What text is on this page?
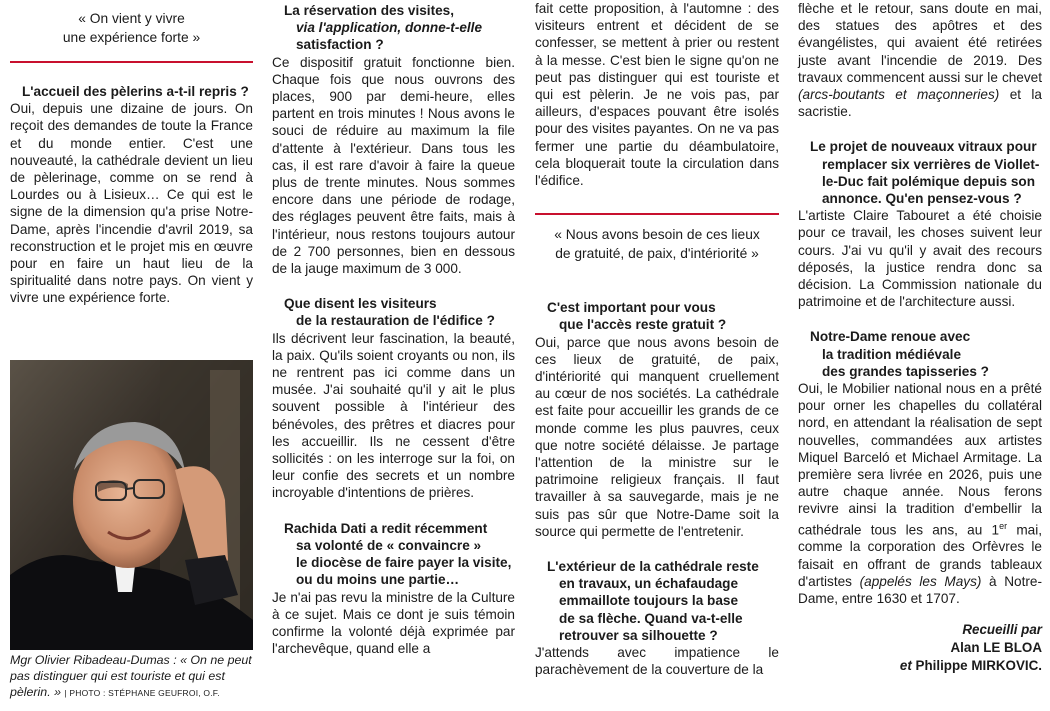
« On vient y vivre
une expérience forte »
L'accueil des pèlerins a-t-il repris ?
Oui, depuis une dizaine de jours. On reçoit des demandes de toute la France et du monde entier. C'est une nouveauté, la cathédrale devient un lieu de pèlerinage, comme on se rend à Lourdes ou à Lisieux… Ce qui est le signe de la dimension qu'a prise Notre-Dame, après l'incendie d'avril 2019, sa reconstruction et le projet mis en œuvre pour en faire un haut lieu de la spiritualité dans notre pays. On vient y vivre une expérience forte.
Mgr Olivier Ribadeau-Dumas : « On ne peut pas distinguer qui est touriste et qui est pèlerin. » | PHOTO : STÉPHANE GEUFROI, O.F.
La réservation des visites,
via l'application, donne-t-elle
satisfaction ?
Ce dispositif gratuit fonctionne bien. Chaque fois que nous ouvrons des places, 900 par demi-heure, elles partent en trois minutes ! Nous avons le souci de réduire au maximum la file d'attente à l'extérieur. Dans tous les cas, il est rare d'avoir à faire la queue plus de trente minutes. Nous sommes encore dans une période de rodage, des réglages peuvent être faits, mais à l'intérieur, nous restons toujours autour de 2 700 personnes, bien en dessous de la jauge maximum de 3 000.
Que disent les visiteurs
de la restauration de l'édifice ?
Ils décrivent leur fascination, la beauté, la paix. Qu'ils soient croyants ou non, ils ne rentrent pas ici comme dans un musée. J'ai souhaité qu'il y ait le plus souvent possible à l'intérieur des bénévoles, des prêtres et diacres pour les accueillir. Ils ne cessent d'être sollicités : on les interroge sur la foi, on leur confie des secrets et un nombre incroyable d'intentions de prières.
Rachida Dati a redit récemment
sa volonté de « convaincre »
le diocèse de faire payer la visite,
ou du moins une partie…
Je n'ai pas revu la ministre de la Culture à ce sujet. Mais ce dont je suis témoin confirme la volonté déjà exprimée par l'archevêque, quand elle a
fait cette proposition, à l'automne : des visiteurs entrent et décident de se confesser, se mettent à prier ou restent à la messe. C'est bien le signe qu'on ne peut pas distinguer qui est touriste et qui est pèlerin. Je ne vois pas, par ailleurs, d'espaces pouvant être isolés pour des visites payantes. On ne va pas fermer une partie du déambulatoire, cela bloquerait toute la circulation dans l'édifice.
« Nous avons besoin de ces lieux
de gratuité, de paix, d'intériorité »
C'est important pour vous
que l'accès reste gratuit ?
Oui, parce que nous avons besoin de ces lieux de gratuité, de paix, d'intériorité qui manquent cruellement au cœur de nos sociétés. La cathédrale est faite pour accueillir les grands de ce monde comme les plus pauvres, ceux que notre société délaisse. Je partage l'attention de la ministre sur le patrimoine religieux français. Il faut travailler à sa sauvegarde, mais je ne suis pas sûr que Notre-Dame soit la source qui permette de l'entretenir.
L'extérieur de la cathédrale reste
en travaux, un échafaudage
emmaillote toujours la base
de sa flèche. Quand va-t-elle
retrouver sa silhouette ?
J'attends avec impatience le parachèvement de la couverture de la
flèche et le retour, sans doute en mai, des statues des apôtres et des évangélistes, qui avaient été retirées juste avant l'incendie de 2019. Des travaux commencent aussi sur le chevet (arcs-boutants et maçonneries) et la sacristie.
Le projet de nouveaux vitraux pour
remplacer six verrières de Viollet-
le-Duc fait polémique depuis son
annonce. Qu'en pensez-vous ?
L'artiste Claire Tabouret a été choisie pour ce travail, les choses suivent leur cours. J'ai vu qu'il y avait des recours déposés, la justice rendra donc sa décision. La Commission nationale du patrimoine et de l'architecture aussi.
Notre-Dame renoue avec
la tradition médiévale
des grandes tapisseries ?
Oui, le Mobilier national nous en a prêté pour orner les chapelles du collatéral nord, en attendant la réalisation de sept nouvelles, commandées aux artistes Miquel Barceló et Michael Armitage. La première sera livrée en 2026, puis une autre chaque année. Nous ferons revivre ainsi la tradition d'embellir la cathédrale tous les ans, au 1er mai, comme la corporation des Orfèvres le faisait en offrant de grands tableaux d'artistes (appelés les Mays) à Notre-Dame, entre 1630 et 1707.
Recueilli par
Alan LE BLOA
et Philippe MIRKOVIC.
